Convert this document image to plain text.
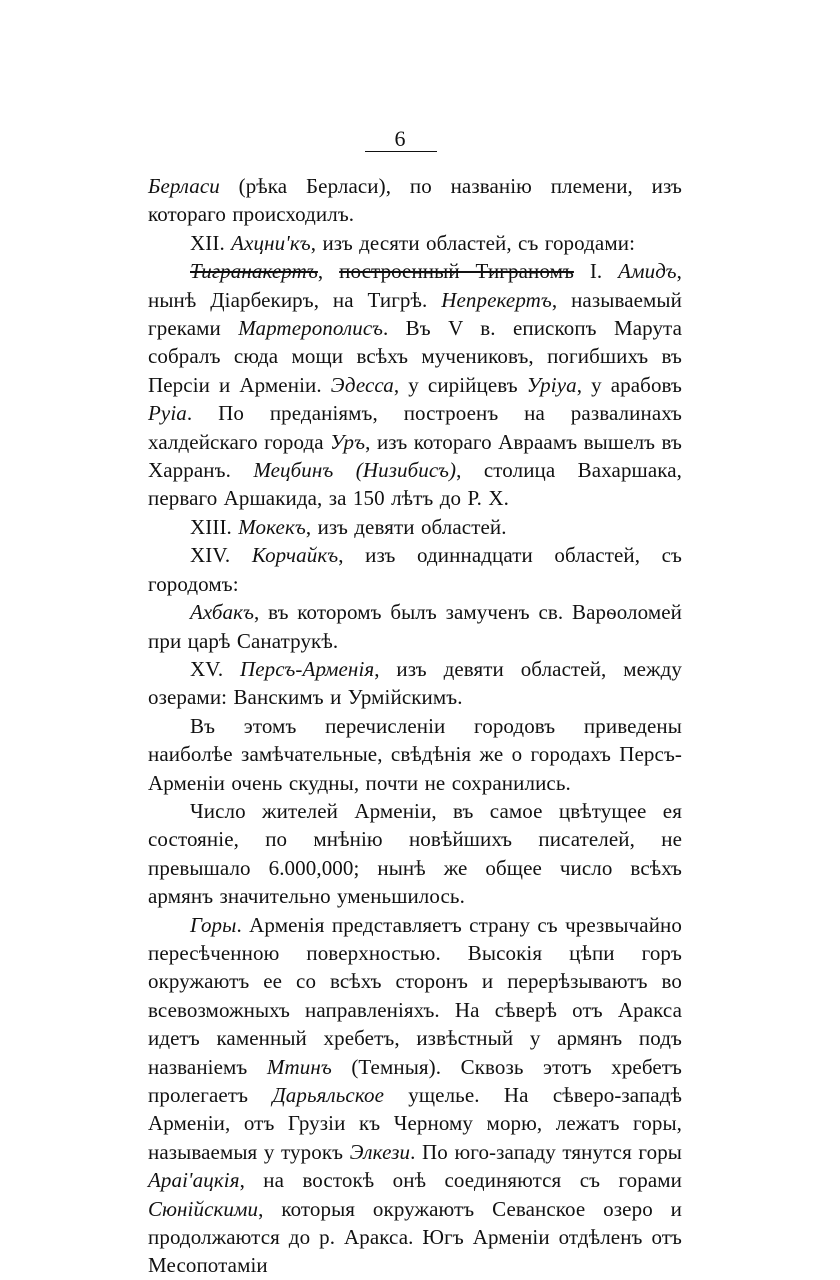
6

Берласи (рѣка Берласи), по названію племени, изъ котораго происходилъ.

XII. Ахцни'къ, изъ десяти областей, съ городами:

Тигранакертъ, построенный Тиграномъ I. Амидъ, нынѣ Діарбекиръ, на Тигрѣ. Непрекертъ, называемый греками Мартерополисъ. Въ V в. епископъ Марута собралъ сюда мощи всѣхъ мучениковъ, погибшихъ въ Персіи и Арменіи. Эдесса, у сирійцевъ Урiуа, у арабовъ Руiа. По преданіямъ, построенъ на развалинахъ халдейскаго города Уръ, изъ котораго Авраамъ вышелъ въ Харранъ. Мецбинъ (Низибисъ), столица Вахаршака, перваго Аршакида, за 150 лѣтъ до Р. Х.

XIII. Мокекъ, изъ девяти областей.

XIV. Корчайкъ, изъ одиннадцати областей, съ городомъ:

Ахбакъ, въ которомъ былъ замученъ св. Варѳоломей при царѣ Санатрукѣ.

XV. Персъ-Арменія, изъ девяти областей, между озерами: Ванскимъ и Урмійскимъ.

Въ этомъ перечисленіи городовъ приведены наиболѣе замѣчательные, свѣдѣнія же о городахъ Персъ-Арменіи очень скудны, почти не сохранились.

Число жителей Арменіи, въ самое цвѣтущее ея состояніе, по мнѣнію новѣйшихъ писателей, не превышало 6.000,000; нынѣ же общее число всѣхъ армянъ значительно уменьшилось.

Горы. Арменія представляетъ страну съ чрезвычайно пересѣченною поверхностью. Высокія цѣпи горъ окружаютъ ее со всѣхъ сторонъ и перерѣзываютъ во всевозможныхъ направленіяхъ. На сѣверѣ отъ Аракса идетъ каменный хребетъ, извѣстный у армянъ подъ названіемъ Мтинъ (Темныя). Сквозь этотъ хребетъ пролегаетъ Дарьяльское ущелье. На сѣверо-западѣ Арменіи, отъ Грузіи къ Черному морю, лежатъ горы, называемыя у турокъ Элкези. По юго-западу тянутся горы Араi'ацкія, на востокѣ онѣ соединяются съ горами Сюнійскими, которыя окружаютъ Севанское озеро и продолжаются до р. Аракса. Югъ Арменіи отдѣленъ отъ Месопотаміи
